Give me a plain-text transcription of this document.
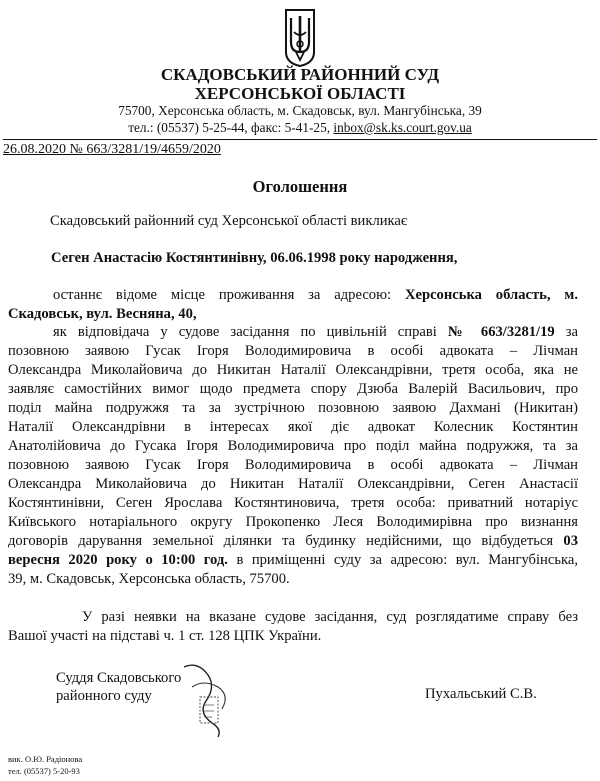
СКАДОВСЬКИЙ РАЙОННИЙ СУД
ХЕРСОНСЬКОЇ ОБЛАСТІ
75700, Херсонська область, м. Скадовськ, вул. Мангубінська, 39
тел.: (05537) 5-25-44, факс: 5-41-25, inbox@sk.ks.court.gov.ua
26.08.2020 № 663/3281/19/4659/2020
Оголошення
Скадовський районний суд Херсонської області викликає
Сеген Анастасію Костянтинівну, 06.06.1998 року народження,
останнє відоме місце проживання за адресою: Херсонська область, м.
Скадовськ, вул. Весняна, 40,
як відповідача у судове засідання по цивільній справі № 663/3281/19 за
позовною заявою Гусак Ігоря Володимировича в особі адвоката – Лічман
Олександра Миколайовича до Никитан Наталії Олександрівни, третя особа, яка не
заявляє самостійних вимог щодо предмета спору Дзюба Валерій Васильович, про
поділ майна подружжя та за зустрічною позовною заявою Дахмані (Никитан)
Наталії Олександрівни в інтересах якої діє адвокат Колесник Костянтин
Анатолійовича до Гусака Ігоря Володимировича про поділ майна подружжя, та за
позовною заявою Гусак Ігоря Володимировича в особі адвоката – Лічман
Олександра Миколайовича до Никитан Наталії Олександрівни, Сеген Анастасії
Костянтинівни, Сеген Ярослава Костянтиновича, третя особа: приватний нотаріус
Київського нотаріального округу Прокопенко Леся Володимирівна про визнання
договорів дарування земельної ділянки та будинку недійсними, що відбудеться 03
вересня 2020 року о 10:00 год. в приміщенні суду за адресою: вул. Мангубінська,
39, м. Скадовськ, Херсонська область, 75700.
У разі неявки на вказане судове засідання, суд розглядатиме справу без
Вашої участі на підставі ч. 1 ст. 128 ЦПК України.
Суддя Скадовського
районного суду	Пухальський С.В.
вик. О.Ю. Радіонова
тел. (05537) 5-20-93
